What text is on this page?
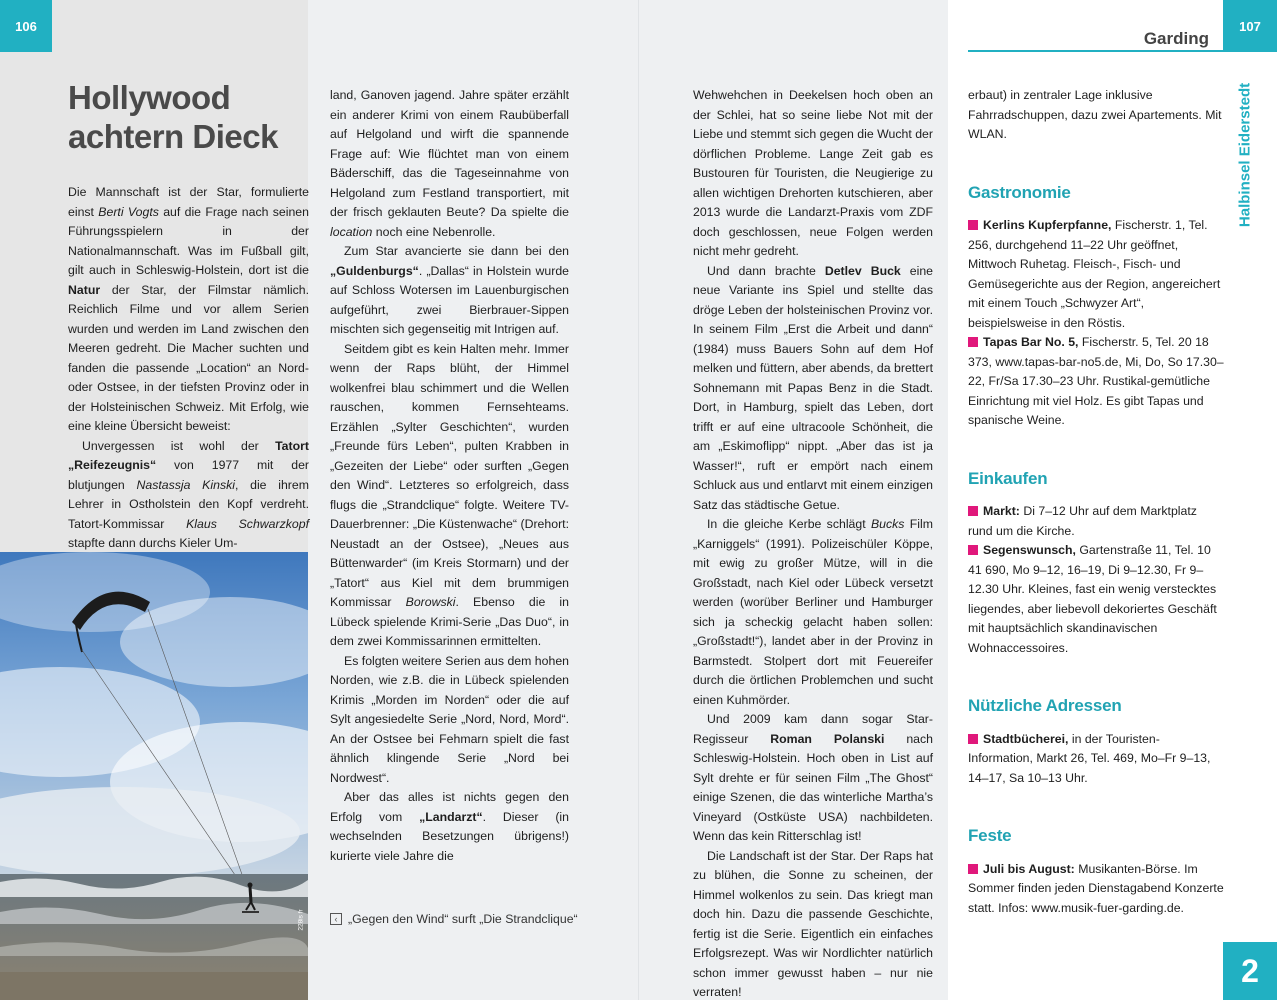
106	107
Garding
Halbinsel Eiderstedt
2
Hollywood
achtern Dieck

Die Mannschaft ist der Star, formulierte einst Berti Vogts auf die Frage nach seinen Führungsspielern in der Nationalmannschaft. Was im Fußball gilt, gilt auch in Schleswig-Holstein, dort ist die Natur der Star, der Filmstar nämlich. Reichlich Filme und vor allem Serien wurden und werden im Land zwischen den Meeren gedreht. Die Macher suchten und fanden die passende „Location“ an Nord- oder Ostsee, in der tiefsten Provinz oder in der Holsteinischen Schweiz. Mit Erfolg, wie eine kleine Übersicht beweist:

Unvergessen ist wohl der Tatort „Reifezeugnis“ von 1977 mit der blutjungen Nastassja Kinski, die ihrem Lehrer in Ostholstein den Kopf verdreht. Tatort-Kommissar Klaus Schwarzkopf stapfte dann durchs Kieler Um-

land, Ganoven jagend. Jahre später erzählt ein anderer Krimi von einem Raubüberfall auf Helgoland und wirft die spannende Frage auf: Wie flüchtet man von einem Bäderschiff, das die Tageseinnahme von Helgoland zum Festland transportiert, mit der frisch geklauten Beute? Da spielte die location noch eine Nebenrolle.

Zum Star avancierte sie dann bei den „Guldenburgs“. „Dallas“ in Holstein wurde auf Schloss Wotersen im Lauenburgischen aufgeführt, zwei Bierbrauer-Sippen mischten sich gegenseitig mit Intrigen auf.

Seitdem gibt es kein Halten mehr. Immer wenn der Raps blüht, der Himmel wolkenfrei blau schimmert und die Wellen rauschen, kommen Fernsehteams. Erzählen „Sylter Geschichten“, wurden „Freunde fürs Leben“, pulten Krabben in „Gezeiten der Liebe“ oder surften „Gegen den Wind“. Letzteres so erfolgreich, dass flugs die „Strandclique“ folgte. Weitere TV-Dauerbrenner: „Die Küstenwache“ (Drehort: Neustadt an der Ostsee), „Neues aus Büttenwarder“ (im Kreis Stormarn) und der „Tatort“ aus Kiel mit dem brummigen Kommissar Borowski. Ebenso die in Lübeck spielende Krimi-Serie „Das Duo“, in dem zwei Kommissarinnen ermittelten.

Es folgten weitere Serien aus dem hohen Norden, wie z.B. die in Lübeck spielenden Krimis „Morden im Norden“ oder die auf Sylt angesiedelte Serie „Nord, Nord, Mord“. An der Ostsee bei Fehmarn spielt die fast ähnlich klingende Serie „Nord bei Nordwest“.

Aber das alles ist nichts gegen den Erfolg vom „Landarzt“. Dieser (in wechselnden Besetzungen übrigens!) kurierte viele Jahre die

228is fr	‹ „Gegen den Wind“ surft „Die Strandclique“

Wehwehchen in Deekelsen hoch oben an der Schlei, hat so seine liebe Not mit der Liebe und stemmt sich gegen die Wucht der dörflichen Probleme. Lange Zeit gab es Bustouren für Touristen, die Neugierige zu allen wichtigen Drehorten kutschieren, aber 2013 wurde die Landarzt-Praxis vom ZDF doch geschlossen, neue Folgen werden nicht mehr gedreht.

Und dann brachte Detlev Buck eine neue Variante ins Spiel und stellte das dröge Leben der holsteinischen Provinz vor. In seinem Film „Erst die Arbeit und dann“ (1984) muss Bauers Sohn auf dem Hof melken und füttern, aber abends, da brettert Sohnemann mit Papas Benz in die Stadt. Dort, in Hamburg, spielt das Leben, dort trifft er auf eine ultracoole Schönheit, die am „Eskimoflipp“ nippt. „Aber das ist ja Wasser!“, ruft er empört nach einem Schluck aus und entlarvt mit einem einzigen Satz das städtische Getue.

In die gleiche Kerbe schlägt Bucks Film „Karniggels“ (1991). Polizeischüler Köppe, mit ewig zu großer Mütze, will in die Großstadt, nach Kiel oder Lübeck versetzt werden (worüber Berliner und Hamburger sich ja scheckig gelacht haben sollen: „Großstadt!“), landet aber in der Provinz in Barmstedt. Stolpert dort mit Feuereifer durch die örtlichen Problemchen und sucht einen Kuhmörder.

Und 2009 kam dann sogar Star-Regisseur Roman Polanski nach Schleswig-Holstein. Hoch oben in List auf Sylt drehte er für seinen Film „The Ghost“ einige Szenen, die das winterliche Martha’s Vineyard (Ostküste USA) nachbildeten. Wenn das kein Ritterschlag ist!

Die Landschaft ist der Star. Der Raps hat zu blühen, die Sonne zu scheinen, der Himmel wolkenlos zu sein. Das kriegt man doch hin. Dazu die passende Geschichte, fertig ist die Serie. Eigentlich ein einfaches Erfolgsrezept. Was wir Nordlichter natürlich schon immer gewusst haben – nur nie verraten!

erbaut) in zentraler Lage inklusive Fahrradschuppen, dazu zwei Apartements. Mit WLAN.

Gastronomie

Kerlins Kupferpfanne, Fischerstr. 1, Tel. 256, durchgehend 11–22 Uhr geöffnet, Mittwoch Ruhetag. Fleisch-, Fisch- und Gemüsegerichte aus der Region, angereichert mit einem Touch „Schwyzer Art“, beispielsweise in den Röstis.

Tapas Bar No. 5, Fischerstr. 5, Tel. 20 18 373, www.tapas-bar-no5.de, Mi, Do, So 17.30–22, Fr/Sa 17.30–23 Uhr. Rustikal-gemütliche Einrichtung mit viel Holz. Es gibt Tapas und spanische Weine.

Einkaufen

Markt: Di 7–12 Uhr auf dem Marktplatz rund um die Kirche.

Segenswunsch, Gartenstraße 11, Tel. 10 41 690, Mo 9–12, 16–19, Di 9–12.30, Fr 9–12.30 Uhr. Kleines, fast ein wenig verstecktes liegendes, aber liebevoll dekoriertes Geschäft mit hauptsächlich skandinavischen Wohnaccessoires.

Nützliche Adressen

Stadtbücherei, in der Touristen-Information, Markt 26, Tel. 469, Mo–Fr 9–13, 14–17, Sa 10–13 Uhr.

Feste

Juli bis August: Musikanten-Börse. Im Sommer finden jeden Dienstagabend Konzerte statt. Infos: www.musik-fuer-garding.de.
